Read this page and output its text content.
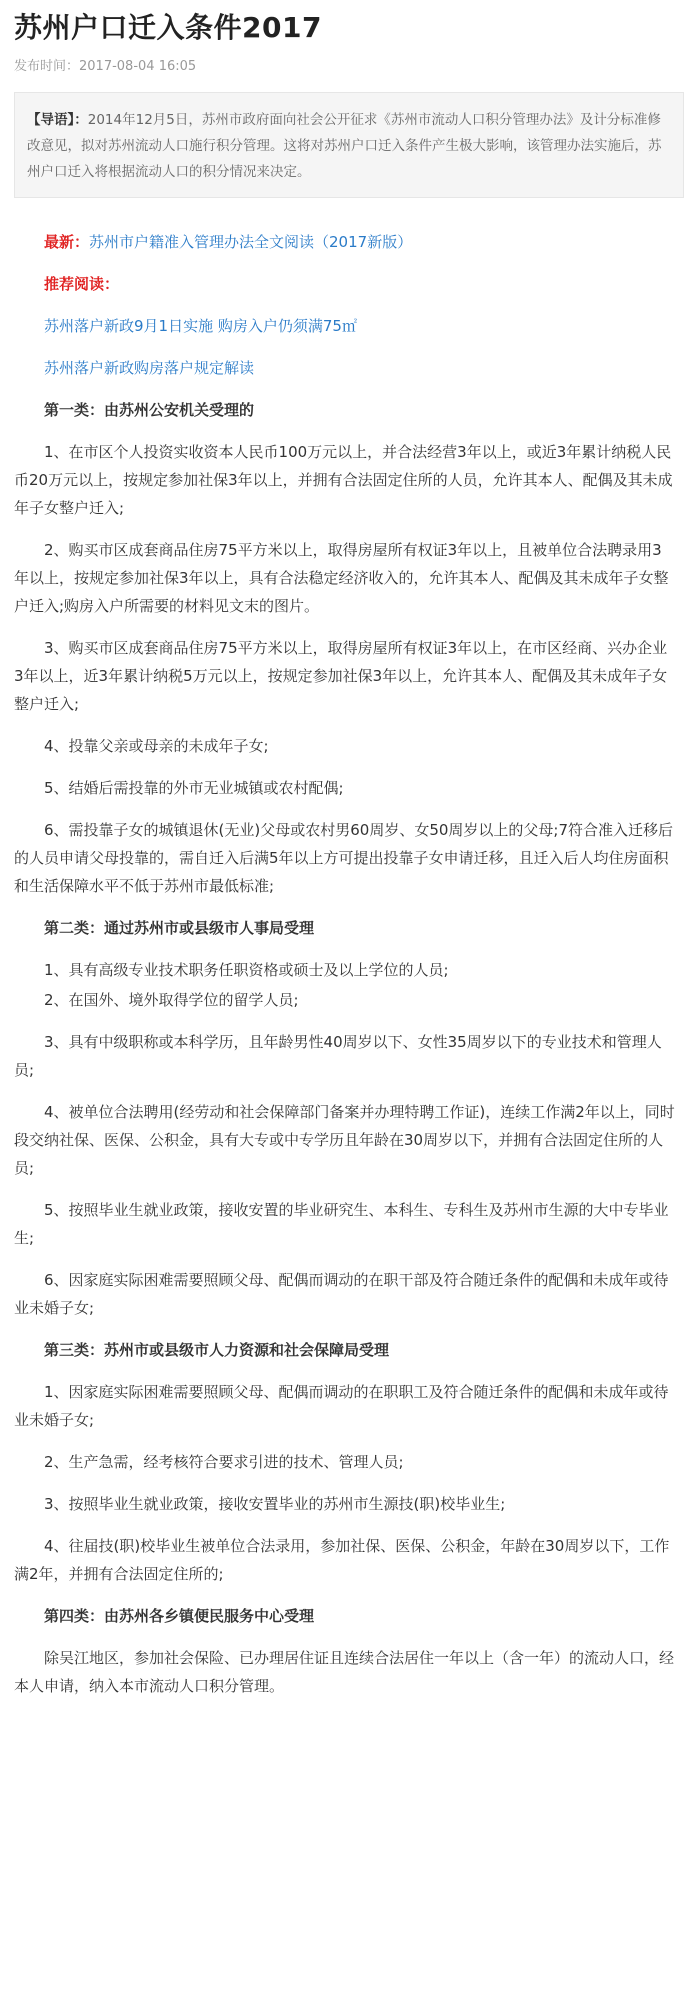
苏州户口迁入条件2017
发布时间：2017-08-04 16:05
【导语】：2014年12月5日，苏州市政府面向社会公开征求《苏州市流动人口积分管理办法》及计分标准修改意见，拟对苏州流动人口施行积分管理。这将对苏州户口迁入条件产生极大影响，该管理办法实施后，苏州户口迁入将根据流动人口的积分情况来决定。

最新：苏州市户籍准入管理办法全文阅读（2017新版）

推荐阅读：

苏州落户新政9月1日实施 购房入户仍须满75㎡

苏州落户新政购房落户规定解读

第一类：由苏州公安机关受理的

1、在市区个人投资实收资本人民币100万元以上，并合法经营3年以上，或近3年累计纳税人民币20万元以上，按规定参加社保3年以上，并拥有合法固定住所的人员，允许其本人、配偶及其未成年子女整户迁入;

2、购买市区成套商品住房75平方米以上，取得房屋所有权证3年以上，且被单位合法聘录用3年以上，按规定参加社保3年以上，具有合法稳定经济收入的，允许其本人、配偶及其未成年子女整户迁入;购房入户所需要的材料见文末的图片。

3、购买市区成套商品住房75平方米以上，取得房屋所有权证3年以上，在市区经商、兴办企业3年以上，近3年累计纳税5万元以上，按规定参加社保3年以上，允许其本人、配偶及其未成年子女整户迁入;

4、投靠父亲或母亲的未成年子女;

5、结婚后需投靠的外市无业城镇或农村配偶;

6、需投靠子女的城镇退休(无业)父母或农村男60周岁、女50周岁以上的父母;7符合准入迁移后的人员申请父母投靠的，需自迁入后满5年以上方可提出投靠子女申请迁移，且迁入后人均住房面积和生活保障水平不低于苏州市最低标准;

第二类：通过苏州市或县级市人事局受理

1、具有高级专业技术职务任职资格或硕士及以上学位的人员;

2、在国外、境外取得学位的留学人员;

3、具有中级职称或本科学历，且年龄男性40周岁以下、女性35周岁以下的专业技术和管理人员;

4、被单位合法聘用(经劳动和社会保障部门备案并办理特聘工作证)，连续工作满2年以上，同时段交纳社保、医保、公积金，具有大专或中专学历且年龄在30周岁以下，并拥有合法固定住所的人员;

5、按照毕业生就业政策，接收安置的毕业研究生、本科生、专科生及苏州市生源的大中专毕业生;

6、因家庭实际困难需要照顾父母、配偶而调动的在职干部及符合随迁条件的配偶和未成年或待业未婚子女;

第三类：苏州市或县级市人力资源和社会保障局受理

1、因家庭实际困难需要照顾父母、配偶而调动的在职职工及符合随迁条件的配偶和未成年或待业未婚子女;

2、生产急需，经考核符合要求引进的技术、管理人员;

3、按照毕业生就业政策，接收安置毕业的苏州市生源技(职)校毕业生;

4、往届技(职)校毕业生被单位合法录用，参加社保、医保、公积金，年龄在30周岁以下，工作满2年，并拥有合法固定住所的;

第四类：由苏州各乡镇便民服务中心受理

除吴江地区，参加社会保险、已办理居住证且连续合法居住一年以上（含一年）的流动人口，经本人申请，纳入本市流动人口积分管理。
